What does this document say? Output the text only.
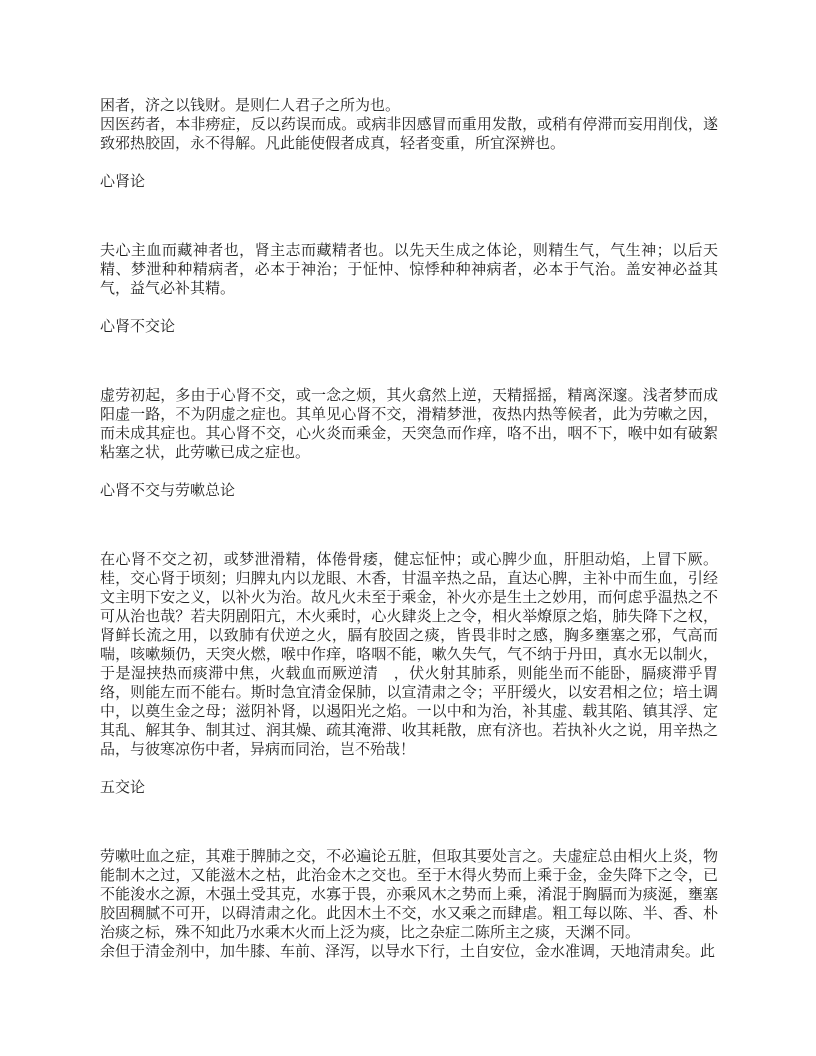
困者，济之以钱财。是则仁人君子之所为也。

因医药者，本非痨症，反以药误而成。或病非因感冒而重用发散，或稍有停滞而妄用削伐，遂致邪热胶固，永不得解。凡此能使假者成真，轻者变重，所宜深辨也。

心肾论

夫心主血而藏神者也，肾主志而藏精者也。以先天生成之体论，则精生气，气生神；以后天精、梦泄种种精病者，必本于神治；于怔忡、惊悸种种神病者，必本于气治。盖安神必益其气，益气必补其精。

心肾不交论

虚劳初起，多由于心肾不交，或一念之烦，其火翕然上逆，天精摇摇，精离深邃。浅者梦而成阳虚一路，不为阴虚之症也。其单见心肾不交，滑精梦泄，夜热内热等候者，此为劳嗽之因，而未成其症也。其心肾不交，心火炎而乘金，天突急而作痒，咯不出，咽不下，喉中如有破絮粘塞之状，此劳嗽已成之症也。

心肾不交与劳嗽总论

在心肾不交之初，或梦泄滑精，体倦骨痿，健忘怔忡；或心脾少血，肝胆动焰，上冒下厥。桂，交心肾于顷刻；归脾丸内以龙眼、木香，甘温辛热之品，直达心脾，主补中而生血，引经文主明下安之义，以补火为治。故凡火未至于乘金，补火亦是生土之妙用，而何虑乎温热之不可从治也哉？若夫阴剧阳亢，木火乘时，心火肆炎上之令，相火举燎原之焰，肺失降下之权，肾鲜长流之用，以致肺有伏逆之火，膈有胶固之痰，皆畏非时之感，胸多壅塞之邪，气高而喘，咳嗽频仍，天突火燃，喉中作痒，咯咽不能，嗽久失气，气不纳于丹田，真水无以制火，于是湿挟热而痰滞中焦，火载血而厥逆清　，伏火射其肺系，则能坐而不能卧，膈痰滞乎胃络，则能左而不能右。斯时急宜清金保肺，以宣清肃之令；平肝缓火，以安君相之位；培土调中，以奠生金之母；滋阴补肾，以遏阳光之焰。一以中和为治，补其虚、载其陷、镇其浮、定其乱、解其争、制其过、润其燥、疏其淹滞、收其耗散，庶有济也。若执补火之说，用辛热之品，与彼寒凉伤中者，异病而同治，岂不殆哉！

五交论

劳嗽吐血之症，其难于脾肺之交，不必遍论五脏，但取其要处言之。夫虚症总由相火上炎，物能制木之过，又能滋木之枯，此治金木之交也。至于木得火势而上乘于金，金失降下之令，已不能浚水之源，木强土受其克，水寡于畏，亦乘风木之势而上乘，淆混于胸膈而为痰涎，壅塞胶固稠腻不可开，以碍清肃之化。此因木土不交，水又乘之而肆虐。粗工每以陈、半、香、朴治痰之标，殊不知此乃水乘木火而上泛为痰，比之杂症二陈所主之痰，天渊不同。

余但于清金剂中，加牛膝、车前、泽泻，以导水下行，土自安位，金水准调，天地清肃矣。此
